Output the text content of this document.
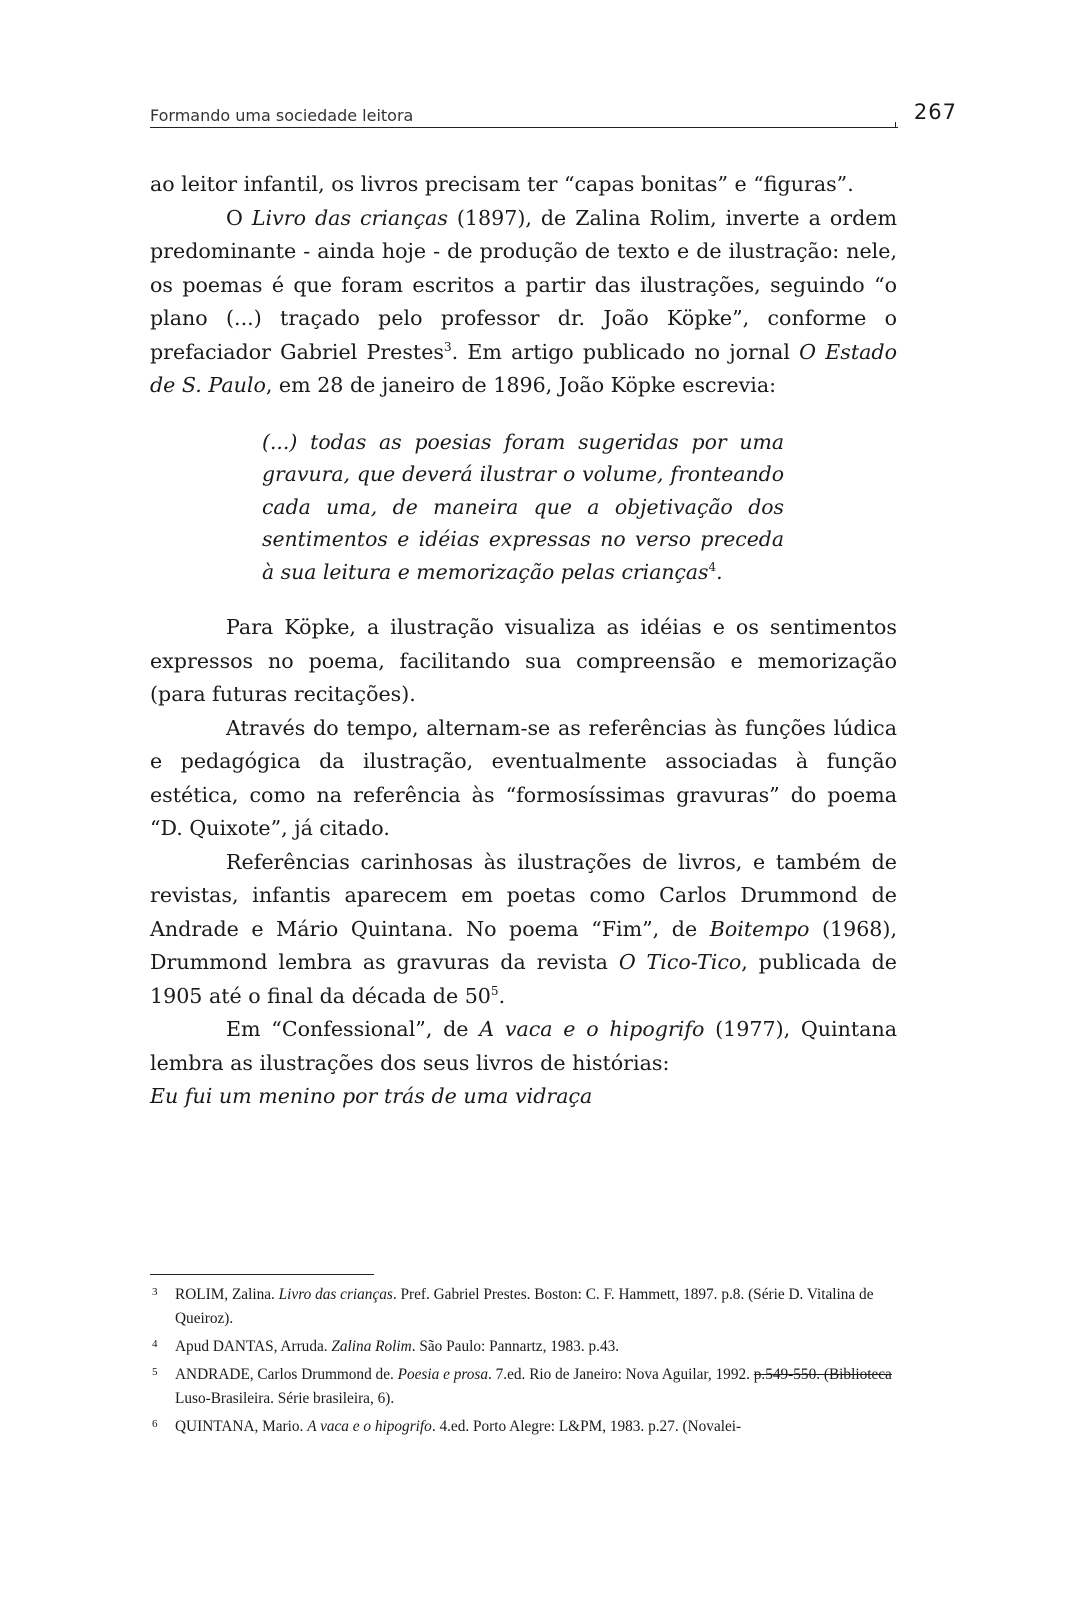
Formando uma sociedade leitora	267

ao leitor infantil, os livros precisam ter “capas bonitas” e “figuras”.

O Livro das crianças (1897), de Zalina Rolim, inverte a ordem predominante - ainda hoje - de produção de texto e de ilustração: nele, os poemas é que foram escritos a partir das ilustrações, seguindo “o plano (...) traçado pelo professor dr. João Köpke”, conforme o prefaciador Gabriel Prestes$^3$. Em artigo publicado no jornal O Estado de S. Paulo, em 28 de janeiro de 1896, João Köpke escrevia:

(...) todas as poesias foram sugeridas por uma gravura, que deverá ilustrar o volume, fronteando cada uma, de maneira que a objetivação dos sentimentos e idéias expressas no verso preceda à sua leitura e memorização pelas crianças$^4$.

Para Köpke, a ilustração visualiza as idéias e os sentimentos expressos no poema, facilitando sua compreensão e memorização (para futuras recitações).

Através do tempo, alternam-se as referências às funções lúdica e pedagógica da ilustração, eventualmente associadas à função estética, como na referência às “formosíssimas gravuras” do poema “D. Quixote”, já citado.

Referências carinhosas às ilustrações de livros, e também de revistas, infantis aparecem em poetas como Carlos Drummond de Andrade e Mário Quintana. No poema “Fim”, de Boitempo (1968), Drummond lembra as gravuras da revista O Tico-Tico, publicada de 1905 até o final da década de 50$^5$.

Em “Confessional”, de A vaca e o hipogrifo (1977), Quintana lembra as ilustrações dos seus livros de histórias:

Eu fui um menino por trás de uma vidraça

3 ROLIM, Zalina. Livro das crianças. Pref. Gabriel Prestes. Boston: C. F. Hammett, 1897. p.8. (Série D. Vitalina de Queiroz).
4 Apud DANTAS, Arruda. Zalina Rolim. São Paulo: Pannartz, 1983. p.43.
5 ANDRADE, Carlos Drummond de. Poesia e prosa. 7.ed. Rio de Janeiro: Nova Aguilar, 1992. p.549-550. (Biblioteca Luso-Brasileira. Série brasileira, 6).
6 QUINTANA, Mario. A vaca e o hipogrifo. 4.ed. Porto Alegre: L&PM, 1983. p.27. (Novalei-
